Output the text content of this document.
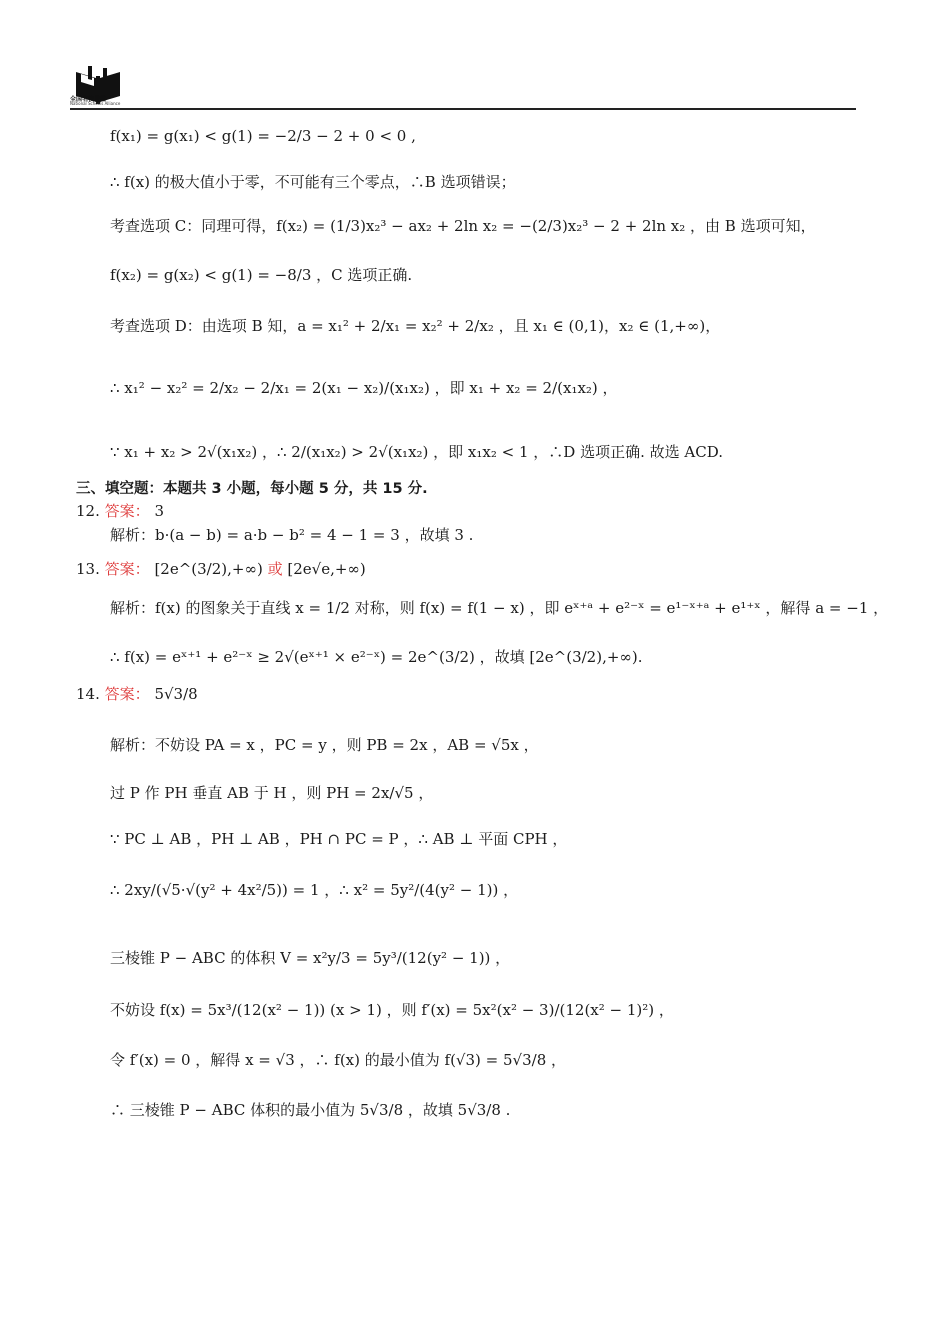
全国名校联盟
National Schools Alliance
f(x₁) = g(x₁) < g(1) = −2/3 − 2 + 0 < 0 ,
∴ f(x) 的极大值小于零，不可能有三个零点，∴B 选项错误；
考查选项 C：同理可得，f(x₂) = (1/3)x₂³ − ax₂ + 2ln x₂ = −(2/3)x₂³ − 2 + 2ln x₂ ，由 B 选项可知，
f(x₂) = g(x₂) < g(1) = −8/3 ，C 选项正确.
考查选项 D：由选项 B 知，a = x₁² + 2/x₁ = x₂² + 2/x₂ ，且 x₁ ∈ (0,1)，x₂ ∈ (1,+∞)，
∴ x₁² − x₂² = 2/x₂ − 2/x₁ = 2(x₁ − x₂)/(x₁x₂) ，即 x₁ + x₂ = 2/(x₁x₂) ，
∵ x₁ + x₂ > 2√(x₁x₂) ，∴ 2/(x₁x₂) > 2√(x₁x₂) ，即 x₁x₂ < 1 ，∴D 选项正确. 故选 ACD.
三、填空题：本题共 3 小题，每小题 5 分，共 15 分.
12. 答案： 3
解析：b·(a − b) = a·b − b² = 4 − 1 = 3 ，故填 3 .
13. 答案： [2e^(3/2),+∞) 或 [2e√e,+∞)
解析：f(x) 的图象关于直线 x = 1/2 对称，则 f(x) = f(1 − x) ，即 eˣ⁺ᵃ + e²⁻ˣ = e¹⁻ˣ⁺ᵃ + e¹⁺ˣ ，解得 a = −1 ，
∴ f(x) = eˣ⁺¹ + e²⁻ˣ ≥ 2√(eˣ⁺¹ × e²⁻ˣ) = 2e^(3/2) ，故填 [2e^(3/2),+∞).
14. 答案： 5√3/8
解析：不妨设 PA = x ，PC = y ，则 PB = 2x ，AB = √5x ，
过 P 作 PH 垂直 AB 于 H ，则 PH = 2x/√5 ，
∵ PC ⊥ AB ，PH ⊥ AB ，PH ∩ PC = P ，∴ AB ⊥ 平面 CPH ，
∴ 2xy/(√5·√(y² + 4x²/5)) = 1 ，∴ x² = 5y²/(4(y² − 1)) ，
三棱锥 P − ABC 的体积 V = x²y/3 = 5y³/(12(y² − 1)) ，
不妨设 f(x) = 5x³/(12(x² − 1)) (x > 1) ，则 f′(x) = 5x²(x² − 3)/(12(x² − 1)²) ，
令 f′(x) = 0 ，解得 x = √3 ，∴ f(x) 的最小值为 f(√3) = 5√3/8 ，
∴ 三棱锥 P − ABC 体积的最小值为 5√3/8 ，故填 5√3/8 .
